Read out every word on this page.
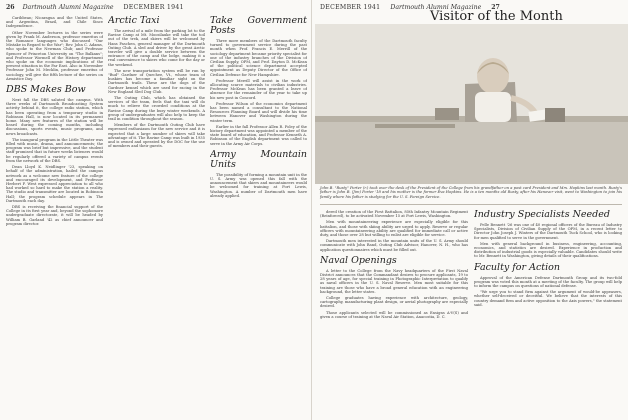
26 Dartmouth Alumni Magazine DECEMBER 1941

Caribbean; Nicaragua and the United States, and Argentina, Brazil, and Chile Since Independence.

Other November lectures in the series were given by Frank M. Anderson, professor emeritus of the Romance languages who discussed "Our Mistake in Regard to the War"; Rev. John C. Adams, who spoke to the Newman Club; and Professor Spencer of Princeton University on "The Balkans"; and Professor Wormell of the History department who spoke on the economic implications of the present situation in the Far East. Also in November Professor John M. Mecklin, professor emeritus of sociology, will give the fifth lecture of the series on Armistice Day.

DBS Makes Bow

Next fall the DBS saluted the campus. With three weeks of Dartmouth Broadcasting System activity behind it, the college radio station, which has been operating from a temporary studio in Robinson Hall, is now located in its permanent home. Many new features of the station will be heard during the coming months, including discussions, sports events, music programs, and news broadcasts.

The inaugural program in the Little Theater was filled with music, drama, and announcements; the program was brief but impressive, and the student staff promised that in future weeks listeners would be regularly offered a variety of campus events from the network of the DBS.

Dean Lloyd K. Neidlinger '23, speaking on behalf of the administration, hailed the campus network as a welcome new feature of the college and encouraged its development, and Professor Herbert F. West expressed appreciation to all who had worked so hard to make the station a reality. The studio and transmitter are located in Robinson Hall; the program schedule appears in The Dartmouth each day.

DBS is receiving the financial support of the College in its first year and, beyond the sophomore undergraduate directorate, it will be headed by William B. Garland '42 as chief announcer and program director.

Arctic Taxi

The arrival of a mile from the parking lot to the Ravine Camp at Mt. Moosilauke will take the toil out of the trek, and skiers will be welcomed by Hans Paschen, general manager of the Dartmouth Outing Club. A sled and driver by the great Arctic traveler will give a double service between the entrance of the camp and the lodge, making it a real convenience to skiers who come for the day or the weekend.

The new transportation system will be run by "Bud" Gardner of Quechee, Vt., whose team of huskies has become a familiar sight on the Dartmouth trails. These are the dogs of the Gardner kennel which are used for racing in the New England Sled Dog Club.

The Outing Club, which has obtained the services of the team, feels that the taxi will do much to relieve the crowded conditions at the Ravine Camp during the busy winter weekends. A group of undergraduates will also help to keep the trail in condition throughout the season.

Members of the Dartmouth Outing Club have expressed enthusiasm for the new service and it is expected that a large number of skiers will take advantage of it. The Ravine Camp was built in 1935 and is owned and operated by the DOC for the use of members and their guests.

Take Government Posts

Three more members of the Dartmouth faculty turned to government service during the past month when Prof. Francis E. Merrill of the sociology department became priority specialist for one of the industry branches of the Division of Civilian Supply, OPM, and Prof. Dayton D. McKean of the political science department accepted appointment as Deputy Director of the Office of Civilian Defense for New Hampshire.

Professor Merrill will assist in the work of allocating scarce materials to civilian industries. Professor McKean has been granted a leave of absence for the remainder of the year to take up his new post in Concord.

Professor Wilson of the economics department has been named a consultant to the National Resources Planning Board and will divide his time between Hanover and Washington during the winter term.

Earlier in the fall Professor Allen R. Foley of the history department was appointed a member of the state board of education, and Professor Kenneth A. Robinson of the English department was called to serve in the Army Air Corps.

Army Mountain Units

The possibility of forming a mountain unit in the U. S. Army was opened this fall with the announcement that skiers and mountaineers would be welcomed for training at Fort Lewis, Washington. A number of Dartmouth men have already applied.

DECEMBER 1941 Dartmouth Alumni Magazine 27
Visitor of the Month
John B. "Rusty" Porter (r.) took over the desk of the President of the College from his grandfather on a post card President and Mrs. Hopkins last month. Rusty's father is John B. (Jim) Porter '18 and his mother is the former Eva Hopkins. He is a ten months old Rusty, after his Hanover visit, went to Washington to join his family where his father is studying for the U. S. Foreign Service.

dered the creation of the First Battalion, 85th Infantry Mountain Regiment (Reinforced), to be activated November 15 at Fort Lewis, Washington.

Men with mountaineering experience are especially eligible for this battalion, and those with skiing ability are urged to apply. Reserve or regular officers with mountaineering ability are qualified for immediate call or active duty, and those over 28 but willing to enlist are eligible for service.

Dartmouth men interested in the mountain units of the U. S. Army should communicate with John Rand, Outing Club Advisor, Hanover, N. H., who has application questionnaires which must be filled out.

Naval Openings

A letter to the College from the Navy headquarters of the First Naval District announces that the Commandant desires to procure applicants, 19 to 28 years of age, for special training in Photographic Interpretation to qualify as naval officers in the U. S. Naval Reserve. Men most suitable for this training are those who have a broad general education with an engineering background, the letter states.

College graduates having experience with architecture, geology, cartography, manufacturing plant design, or aerial photography are especially desired.

Those applicants selected will be commissioned as Ensigns A-V(S) and given a course of training at the Naval Air Station, Anacostia, D. C.

Industry Specialists Needed

Pelle Bennett '26 was one of 40 regional officers of the Bureau of Industry Specialists, Division of Civilian Supply of the OPM, in a recent letter to Director John Joseph J. Winters of the Dartmouth Tuck School, who is looking for men qualified to serve in the government.

Men with general background in business, engineering, accounting, economics, and statistics are desired. Experience in production and distribution of industrial goods is especially valuable. Candidates should write to Mr. Bennett in Washington, giving details of their qualifications.

Faculty for Action

Approval of the American Defense Dartmouth Group and its two-fold program was voted this month at a meeting of the faculty. The group will help to inform the campus on questions of national defense.

"We urge you to stand firm against the argument of would-be appeasers, whether self-deceived or deceitful. We believe that the interests of this country demand firm and active opposition to the Axis powers," the statement said.
